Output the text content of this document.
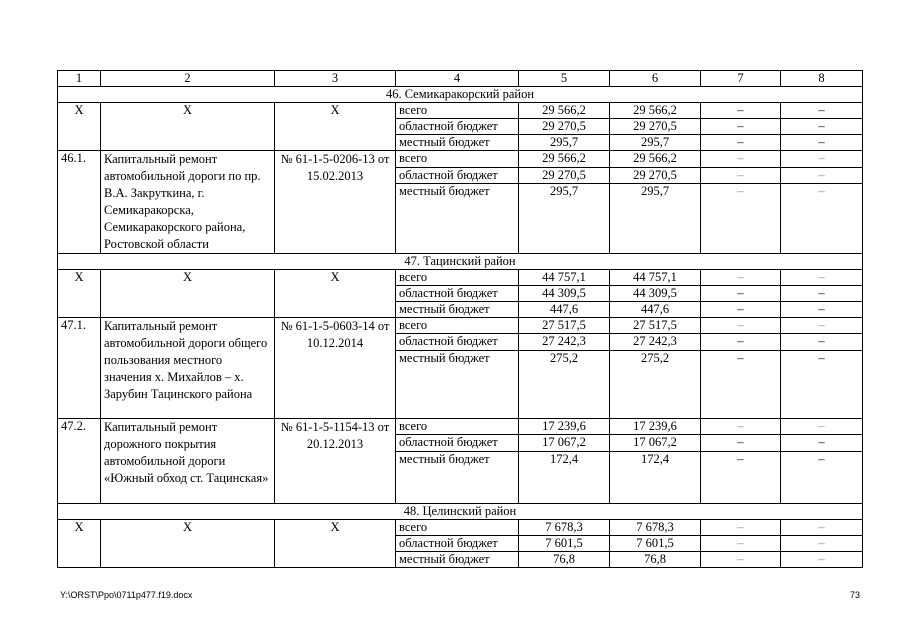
1	2	3	4	5	6	7	8
46. Семикаракорский район							
Х	Х	Х	всего	29 566,2	29 566,2	–	–
			областной бюджет	29 270,5	29 270,5	–	–
			местный бюджет	295,7	295,7	–	–
46.1.	Капитальный ремонт автомобильной дороги по пр. В.А. Закруткина, г. Семикаракорска, Семикаракорского района, Ростовской области	№ 61-1-5-0206-13 от 15.02.2013	всего	29 566,2	29 566,2	–	–
			областной бюджет	29 270,5	29 270,5	–	–
			местный бюджет	295,7	295,7	–	–
47. Тацинский район							
Х	Х	Х	всего	44 757,1	44 757,1	–	–
			областной бюджет	44 309,5	44 309,5	–	–
			местный бюджет	447,6	447,6	–	–
47.1.	Капитальный ремонт автомобильной дороги общего пользования местного значения х. Михайлов – х. Зарубин Тацинского района	№ 61-1-5-0603-14 от 10.12.2014	всего	27 517,5	27 517,5	–	–
			областной бюджет	27 242,3	27 242,3	–	–
			местный бюджет	275,2	275,2	–	–
47.2.	Капитальный ремонт дорожного покрытия автомобильной дороги «Южный обход ст. Тацинская»	№ 61-1-5-1154-13 от 20.12.2013	всего	17 239,6	17 239,6	–	–
			областной бюджет	17 067,2	17 067,2	–	–
			местный бюджет	172,4	172,4	–	–
48. Целинский район							
Х	Х	Х	всего	7 678,3	7 678,3	–	–
			областной бюджет	7 601,5	7 601,5	–	–
			местный бюджет	76,8	76,8	–	–
Y:\ORST\Ppo\0711p477.f19.docx	73
